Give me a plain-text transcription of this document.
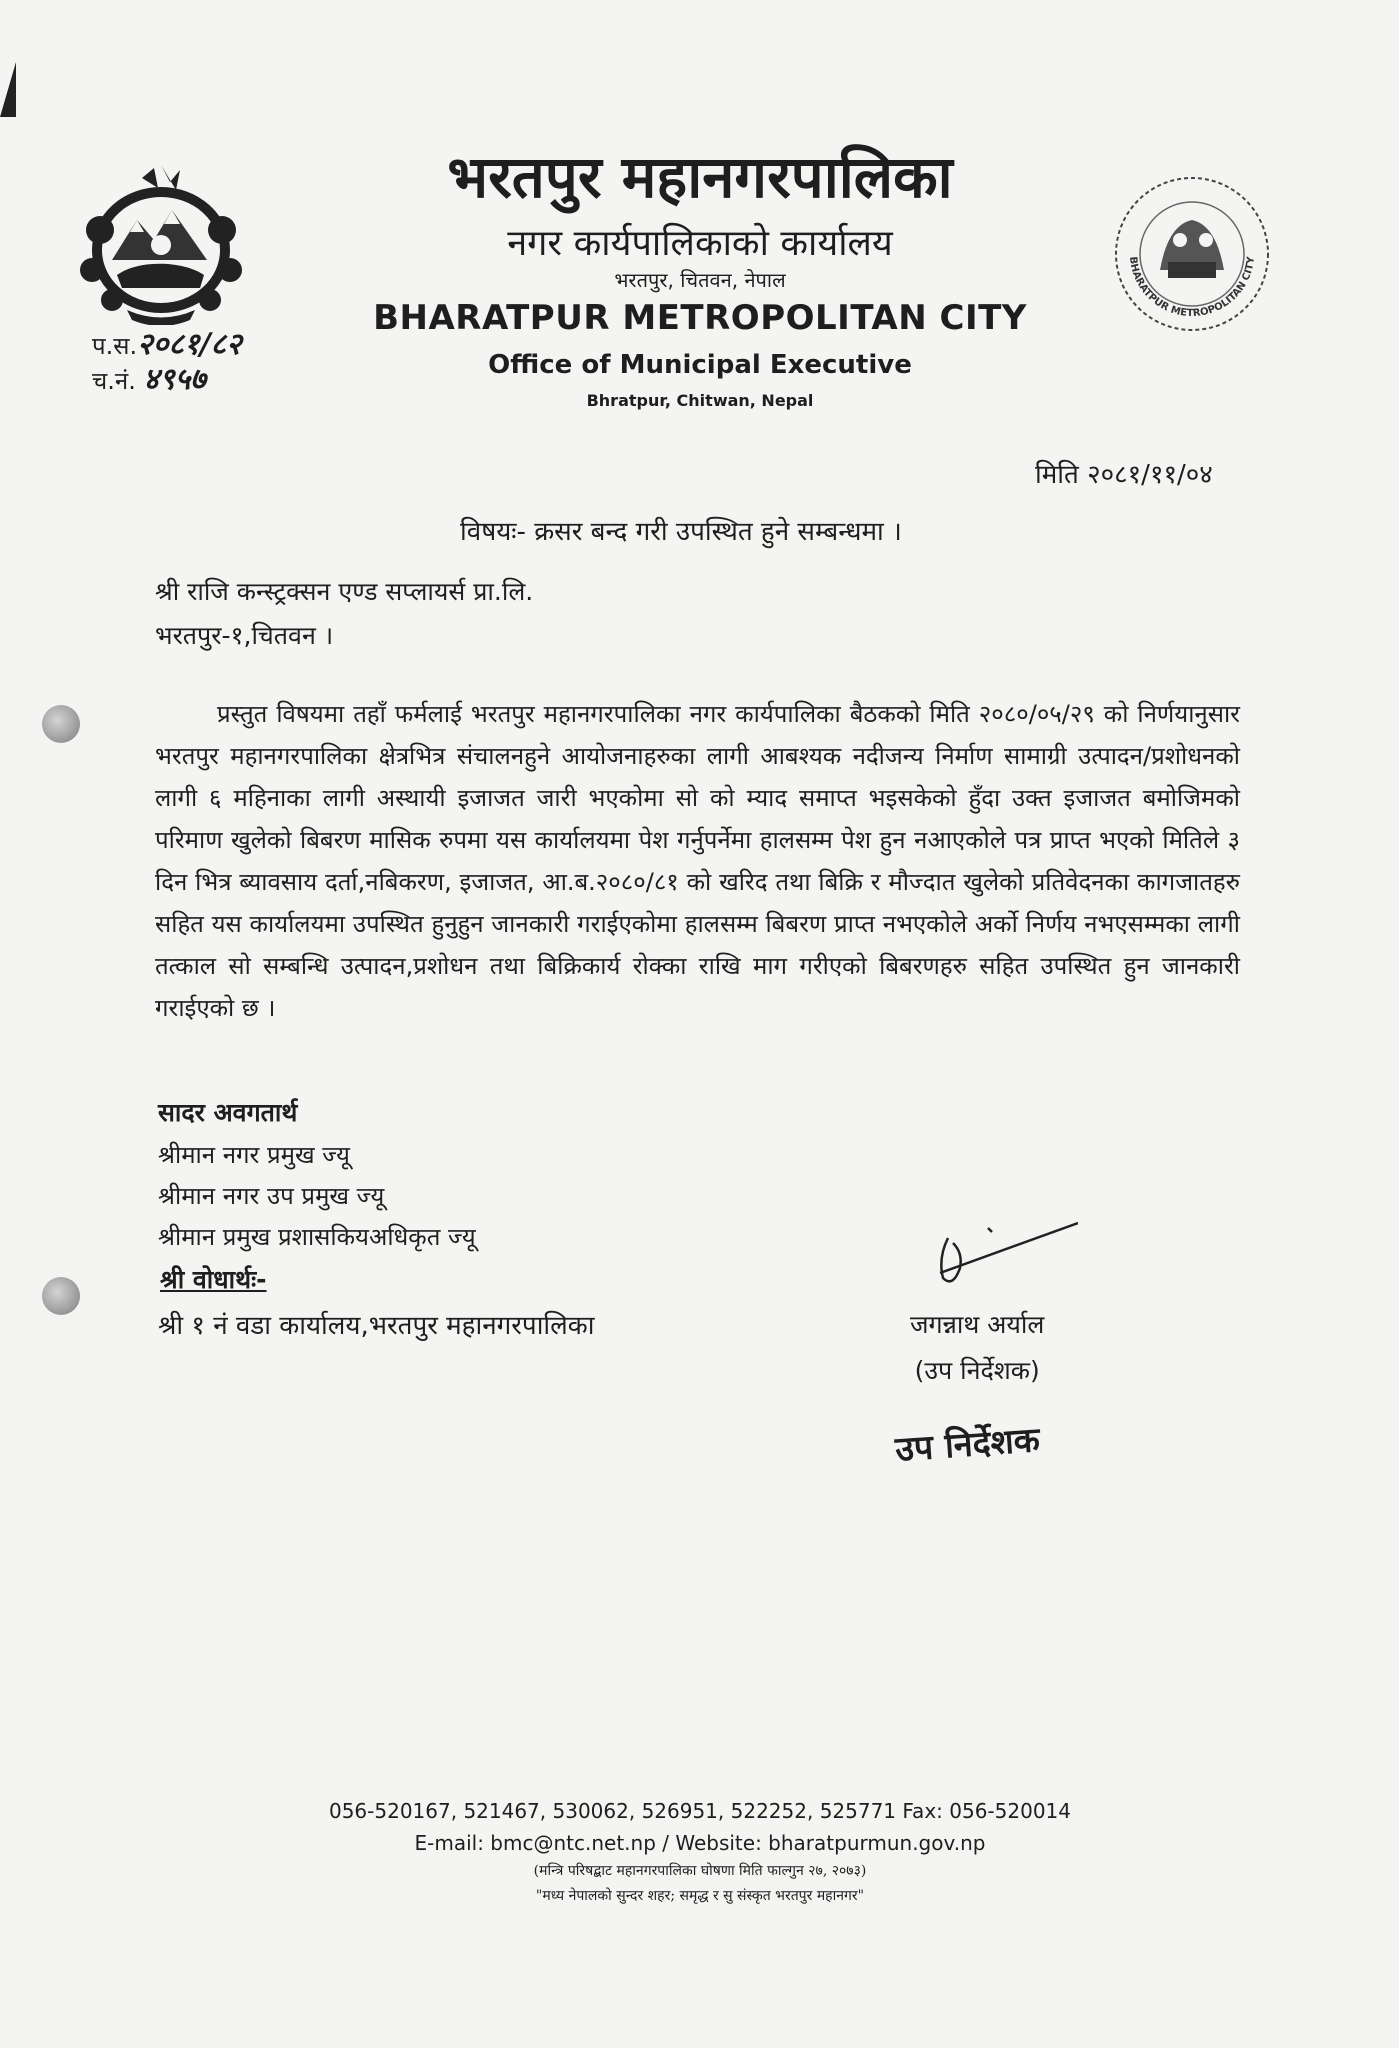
BHARATPUR METROPOLITAN CITY
भरतपुर महानगरपालिका
नगर कार्यपालिकाको कार्यालय
भरतपुर, चितवन, नेपाल
BHARATPUR METROPOLITAN CITY
Office of Municipal Executive
Bhratpur, Chitwan, Nepal
प.स.२०८१/८२
च.नं. ४९५७
मिति २०८१/११/०४
विषयः- क्रसर बन्द गरी उपस्थित हुने सम्बन्धमा ।
श्री राजि कन्स्ट्रक्सन एण्ड सप्लायर्स प्रा.लि.
भरतपुर-१,चितवन ।

प्रस्तुत विषयमा तहाँ फर्मलाई भरतपुर महानगरपालिका नगर कार्यपालिका बैठकको मिति २०८०/०५/२९ को निर्णयानुसार भरतपुर महानगरपालिका क्षेत्रभित्र संचालनहुने आयोजनाहरुका लागी आबश्यक नदीजन्य निर्माण सामाग्री उत्पादन/प्रशोधनको लागी ६ महिनाका लागी अस्थायी इजाजत जारी भएकोमा सो को म्याद समाप्त भइसकेको हुँदा उक्त इजाजत बमोजिमको परिमाण खुलेको बिबरण मासिक रुपमा यस कार्यालयमा पेश गर्नुपर्नेमा हालसम्म पेश हुन नआएकोले पत्र प्राप्त भएको मितिले ३ दिन भित्र ब्यावसाय दर्ता,नबिकरण, इजाजत, आ.ब.२०८०/८१ को खरिद तथा बिक्रि र मौज्दात खुलेको प्रतिवेदनका कागजातहरु सहित यस कार्यालयमा उपस्थित हुनुहुन जानकारी गराईएकोमा हालसम्म बिबरण प्राप्त नभएकोले अर्को निर्णय नभएसम्मका लागी तत्काल सो सम्बन्धि उत्पादन,प्रशोधन तथा बिक्रिकार्य रोक्का राखि माग गरीएको बिबरणहरु सहित उपस्थित हुन जानकारी गराईएको छ ।

सादर अवगतार्थ
श्रीमान नगर प्रमुख ज्यू
श्रीमान नगर उप प्रमुख ज्यू
श्रीमान प्रमुख प्रशासकियअधिकृत ज्यू
श्री वोधार्थः-
श्री १ नं वडा कार्यालय,भरतपुर महानगरपालिका	जगन्नाथ अर्याल
(उप निर्देशक)
उप निर्देशक
056-520167, 521467, 530062, 526951, 522252, 525771 Fax: 056-520014
E-mail: bmc@ntc.net.np / Website: bharatpurmun.gov.np
(मन्त्रि परिषद्बाट महानगरपालिका घोषणा मिति फाल्गुन २७, २०७३)
"मध्य नेपालको सुन्दर शहर; समृद्ध र सु संस्कृत भरतपुर महानगर"
